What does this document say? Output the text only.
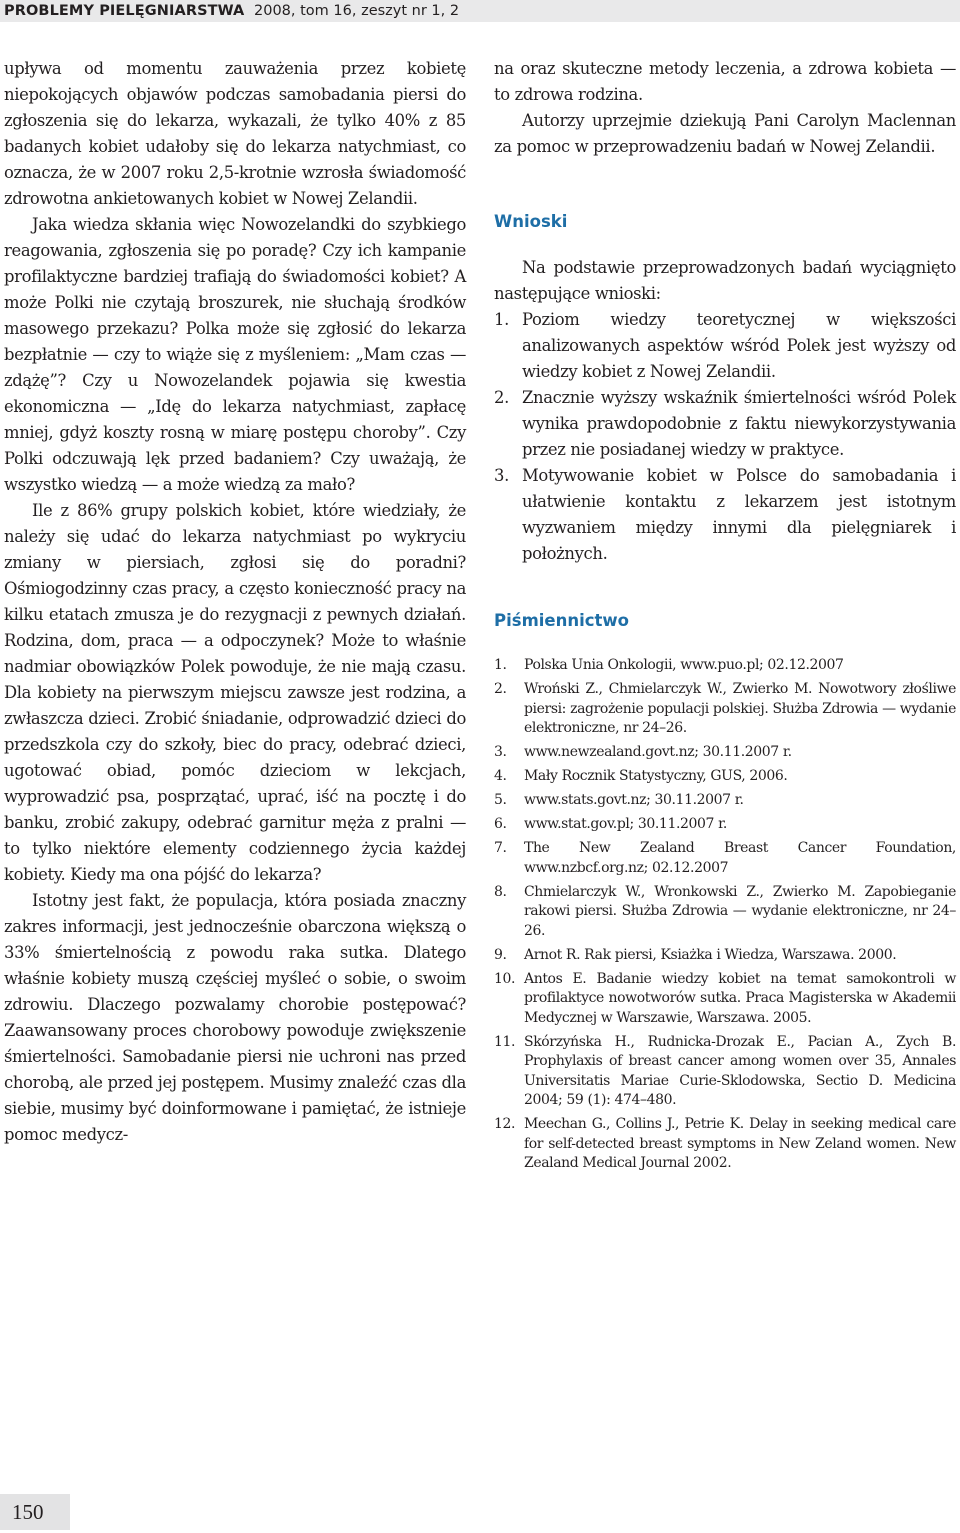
PROBLEMY PIELĘGNIARSTWA 2008, tom 16, zeszyt nr 1, 2

upływa od momentu zauważenia przez kobietę niepokojących objawów podczas samobadania piersi do zgłoszenia się do lekarza, wykazali, że tylko 40% z 85 badanych kobiet udałoby się do lekarza natychmiast, co oznacza, że w 2007 roku 2,5-krotnie wzrosła świadomość zdrowotna ankietowanych kobiet w Nowej Zelandii.

Jaka wiedza skłania więc Nowozelandki do szybkiego reagowania, zgłoszenia się po poradę? Czy ich kampanie profilaktyczne bardziej trafiają do świadomości kobiet? A może Polki nie czytają broszurek, nie słuchają środków masowego przekazu? Polka może się zgłosić do lekarza bezpłatnie — czy to wiąże się z myśleniem: „Mam czas — zdążę”? Czy u Nowozelandek pojawia się kwestia ekonomiczna — „Idę do lekarza natychmiast, zapłacę mniej, gdyż koszty rosną w miarę postępu choroby”. Czy Polki odczuwają lęk przed badaniem? Czy uważają, że wszystko wiedzą — a może wiedzą za mało?

Ile z 86% grupy polskich kobiet, które wiedziały, że należy się udać do lekarza natychmiast po wykryciu zmiany w piersiach, zgłosi się do poradni? Ośmiogodzinny czas pracy, a często konieczność pracy na kilku etatach zmusza je do rezygnacji z pewnych działań. Rodzina, dom, praca — a odpoczynek? Może to właśnie nadmiar obowiązków Polek powoduje, że nie mają czasu. Dla kobiety na pierwszym miejscu zawsze jest rodzina, a zwłaszcza dzieci. Zrobić śniadanie, odprowadzić dzieci do przedszkola czy do szkoły, biec do pracy, odebrać dzieci, ugotować obiad, pomóc dzieciom w lekcjach, wyprowadzić psa, posprzątać, uprać, iść na pocztę i do banku, zrobić zakupy, odebrać garnitur męża z pralni — to tylko niektóre elementy codziennego życia każdej kobiety. Kiedy ma ona pójść do lekarza?

Istotny jest fakt, że populacja, która posiada znaczny zakres informacji, jest jednocześnie obarczona większą o 33% śmiertelnością z powodu raka sutka. Dlatego właśnie kobiety muszą częściej myśleć o sobie, o swoim zdrowiu. Dlaczego pozwalamy chorobie postępować? Zaawansowany proces chorobowy powoduje zwiększenie śmiertelności. Samobadanie piersi nie uchroni nas przed chorobą, ale przed jej postępem. Musimy znaleźć czas dla siebie, musimy być doinformowane i pamiętać, że istnieje pomoc medycz-

na oraz skuteczne metody leczenia, a zdrowa kobieta — to zdrowa rodzina.

Autorzy uprzejmie dziekują Pani Carolyn Maclennan za pomoc w przeprowadzeniu badań w Nowej Zelandii.

Wnioski

Na podstawie przeprowadzonych badań wyciągnięto następujące wnioski:

1. Poziom wiedzy teoretycznej w większości analizowanych aspektów wśród Polek jest wyższy od wiedzy kobiet z Nowej Zelandii.
2. Znacznie wyższy wskaźnik śmiertelności wśród Polek wynika prawdopodobnie z faktu niewykorzystywania przez nie posiadanej wiedzy w praktyce.
3. Motywowanie kobiet w Polsce do samobadania i ułatwienie kontaktu z lekarzem jest istotnym wyzwaniem między innymi dla pielęgniarek i położnych.
Piśmiennictwo
1. Polska Unia Onkologii, www.puo.pl; 02.12.2007
2. Wroński Z., Chmielarczyk W., Zwierko M. Nowotwory złośliwe piersi: zagrożenie populacji polskiej. Służba Zdrowia — wydanie elektroniczne, nr 24–26.
3. www.newzealand.govt.nz; 30.11.2007 r.
4. Mały Rocznik Statystyczny, GUS, 2006.
5. www.stats.govt.nz; 30.11.2007 r.
6. www.stat.gov.pl; 30.11.2007 r.
7. The New Zealand Breast Cancer Foundation, www.nzbcf.org.nz; 02.12.2007
8. Chmielarczyk W., Wronkowski Z., Zwierko M. Zapobieganie rakowi piersi. Służba Zdrowia — wydanie elektroniczne, nr 24–26.
9. Arnot R. Rak piersi, Ksiażka i Wiedza, Warszawa. 2000.
10. Antos E. Badanie wiedzy kobiet na temat samokontroli w profilaktyce nowotworów sutka. Praca Magisterska w Akademii Medycznej w Warszawie, Warszawa. 2005.
11. Skórzyńska H., Rudnicka-Drozak E., Pacian A., Zych B. Prophylaxis of breast cancer among women over 35, Annales Universitatis Mariae Curie-Sklodowska, Sectio D. Medicina 2004; 59 (1): 474–480.
12. Meechan G., Collins J., Petrie K. Delay in seeking medical care for self-detected breast symptoms in New Zeland women. New Zealand Medical Journal 2002.
150
